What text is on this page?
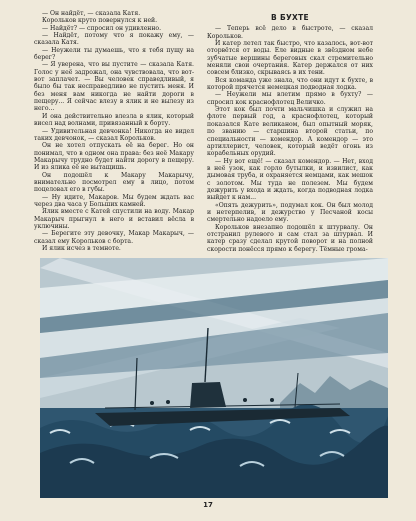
— Он найдёт, — сказала Катя.

Корольков круто повернулся к ней.

— Найдёт? — спросил он удивленно.

— Найдёт, потому что я покажу ему, — сказала Катя.

— Неужели ты думаешь, что я тебя пущу на берег?

— Я уверена, что вы пустите — сказала Катя. Голос у неё задрожал, она чувствовала, что вот-вот заплачет. — Вы человек справедливый, я было бы так несправедливо не пустить меня. И без меня вам никогда не найти дороги в пещеру... Я сейчас влезу в ялик и не вылезу из него...

И она действительно влезла в ялик, который висел над волнами, привязанный к борту.

— Удивительная девчонка! Никогда не видел таких девчонок, — сказал Корольков.

Он не хотел отпускать её на берег. Но он понимал, что в одном она права: без неё Макару Макарычу трудно будет найти дорогу в пещеру. И из ялика её не вытащишь.

Он подошёл к Макару Макарычу, внимательно посмотрел ему в лицо, потом поцеловал его в губы.

— Ну идите, Макаров. Мы будем ждать вас через два часа у Больших камней.

Ялик вместе с Катей спустили на воду. Макар Макарыч прыгнул в него и вставил вёсла в уключины.

— Берегите эту девочку, Макар Макарыч, — сказал ему Корольков с борта.

И ялик исчез в темноте.

В БУХТЕ

— Теперь всё дело в быстроте, — сказал Корольков.

И катер летел так быстро, что казалось, вот-вот оторвётся от воды. Еле видные в звёздном небе зубчатые вершины береговых скал стремительно меняли свои очертания. Катер держался от них совсем близко, скрываясь в их тени.

Вся команда уже знала, что они идут к бухте, в которой прячется немецкая подводная лодка.

— Неужели мы влетим прямо в бухту? — спросил кок краснофлотец Величко.

Этот кок был почти мальчишка и служил на флоте первый год, а краснофлотец, который показался Кате великаном, был опытный моряк, по званию — старшина второй статьи, по специальности — комендор. А комендор — это артиллерист, человек, который ведёт огонь из корабельных орудий.

— Ну вот ещё! — сказал комендор. — Нет, вход в неё узок, как горло бутылки, и извилист, как дымовая труба, и охраняется немцами, как мешок с золотом. Мы туда не полезем. Мы будем дежурить у входа и ждать, когда подводная лодка выйдет к нам...

«Опять дежурить», подумал кок. Он был молод и нетерпелив, и дежурство у Песчаной косы смертельно надоело ему.

Корольков внезапно подошёл к штурвалу. Он отстранил рулевого и сам стал за штурвал. И катер сразу сделал крутой поворот и на полной скорости понёсся прямо к берегу. Тёмные грома-

17
